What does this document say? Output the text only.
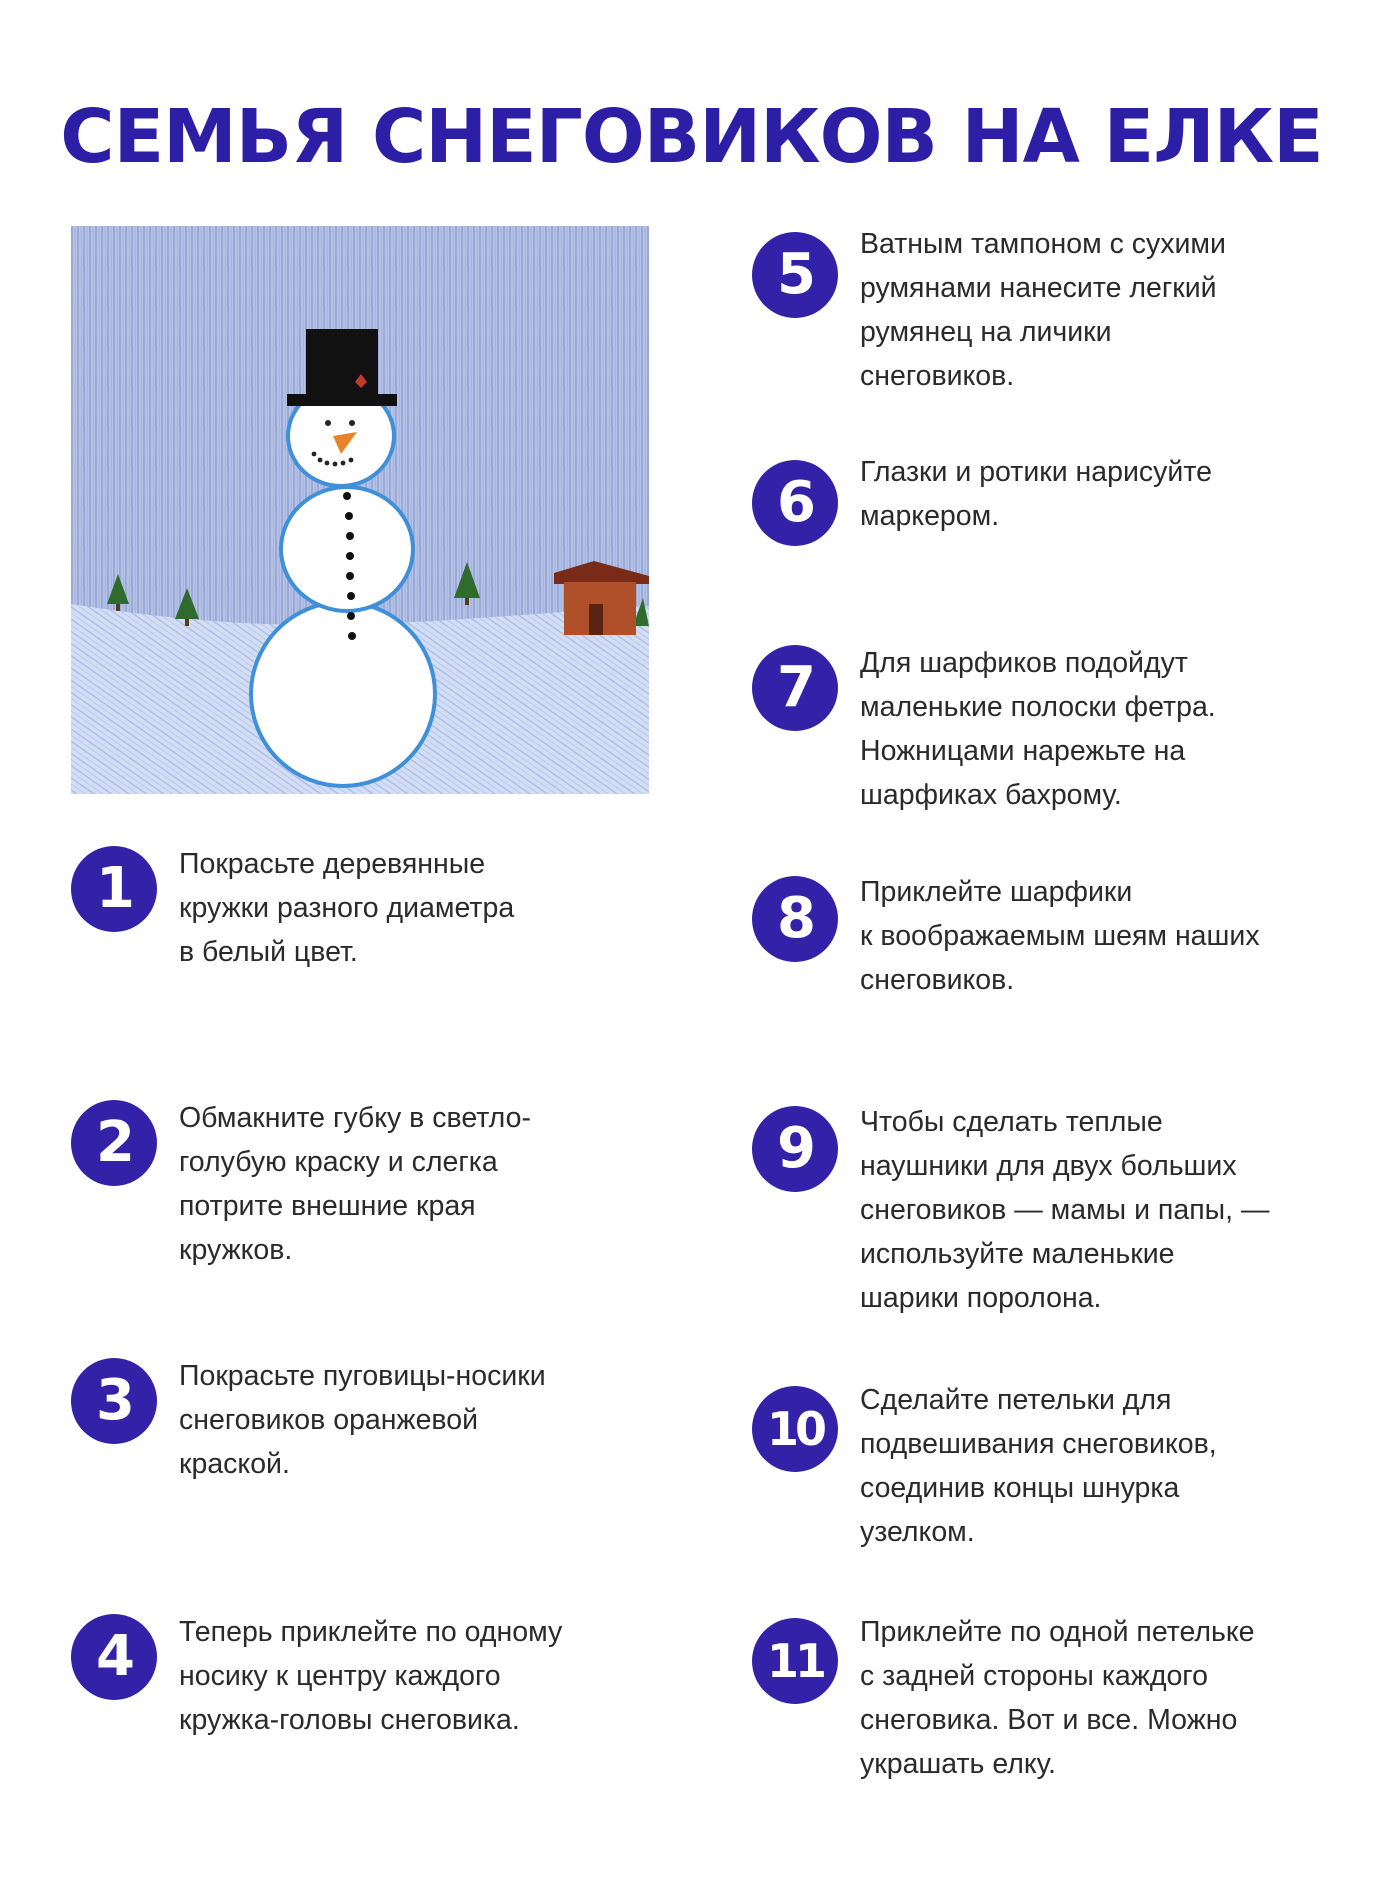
СЕМЬЯ СНЕГОВИКОВ НА ЕЛКЕ
1	Покрасьте деревянные
кружки разного диаметра
в белый цвет.
2	Обмакните губку в светло-
голубую краску и слегка
потрите внешние края
кружков.
3	Покрасьте пуговицы-носики
снеговиков оранжевой
краской.
4	Теперь приклейте по одному
носику к центру каждого
кружка-головы снеговика.
5	Ватным тампоном с сухими
румянами нанесите легкий
румянец на личики
снеговиков.
6	Глазки и ротики нарисуйте
маркером.
7	Для шарфиков подойдут
маленькие полоски фетра.
Ножницами нарежьте на
шарфиках бахрому.
8	Приклейте шарфики
к воображаемым шеям наших
снеговиков.
9	Чтобы сделать теплые
наушники для двух больших
снеговиков — мамы и папы, —
используйте маленькие
шарики поролона.
10
Сделайте петельки для
подвешивания снеговиков,
соединив концы шнурка
узелком.
11
Приклейте по одной петельке
с задней стороны каждого
снеговика. Вот и все. Можно
украшать елку.
